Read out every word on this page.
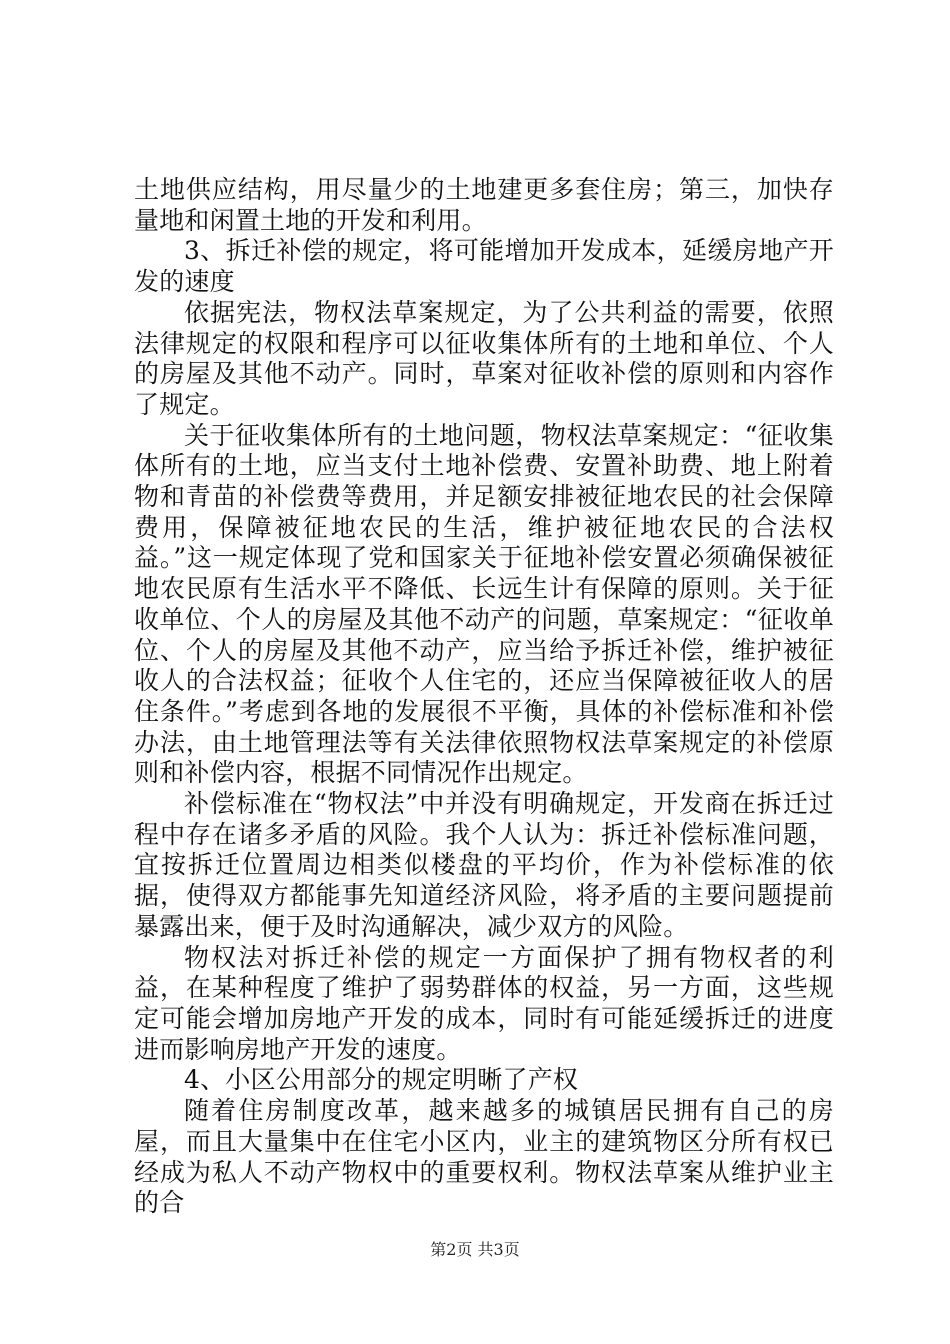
土地供应结构，用尽量少的土地建更多套住房；第三，加快存量地和闲置土地的开发和利用。

3、拆迁补偿的规定，将可能增加开发成本，延缓房地产开发的速度

依据宪法，物权法草案规定，为了公共利益的需要，依照法律规定的权限和程序可以征收集体所有的土地和单位、个人的房屋及其他不动产。同时，草案对征收补偿的原则和内容作了规定。

关于征收集体所有的土地问题，物权法草案规定：“征收集体所有的土地，应当支付土地补偿费、安置补助费、地上附着物和青苗的补偿费等费用，并足额安排被征地农民的社会保障费用，保障被征地农民的生活，维护被征地农民的合法权益。”这一规定体现了党和国家关于征地补偿安置必须确保被征地农民原有生活水平不降低、长远生计有保障的原则。关于征收单位、个人的房屋及其他不动产的问题，草案规定：“征收单位、个人的房屋及其他不动产，应当给予拆迁补偿，维护被征收人的合法权益；征收个人住宅的，还应当保障被征收人的居住条件。”考虑到各地的发展很不平衡，具体的补偿标准和补偿办法，由土地管理法等有关法律依照物权法草案规定的补偿原则和补偿内容，根据不同情况作出规定。

补偿标准在“物权法”中并没有明确规定，开发商在拆迁过程中存在诸多矛盾的风险。我个人认为：拆迁补偿标准问题，宜按拆迁位置周边相类似楼盘的平均价，作为补偿标准的依据，使得双方都能事先知道经济风险，将矛盾的主要问题提前暴露出来，便于及时沟通解决，减少双方的风险。

物权法对拆迁补偿的规定一方面保护了拥有物权者的利益，在某种程度了维护了弱势群体的权益，另一方面，这些规定可能会增加房地产开发的成本，同时有可能延缓拆迁的进度进而影响房地产开发的速度。

4、小区公用部分的规定明晰了产权

随着住房制度改革，越来越多的城镇居民拥有自己的房屋，而且大量集中在住宅小区内，业主的建筑物区分所有权已经成为私人不动产物权中的重要权利。物权法草案从维护业主的合

第2页 共3页
